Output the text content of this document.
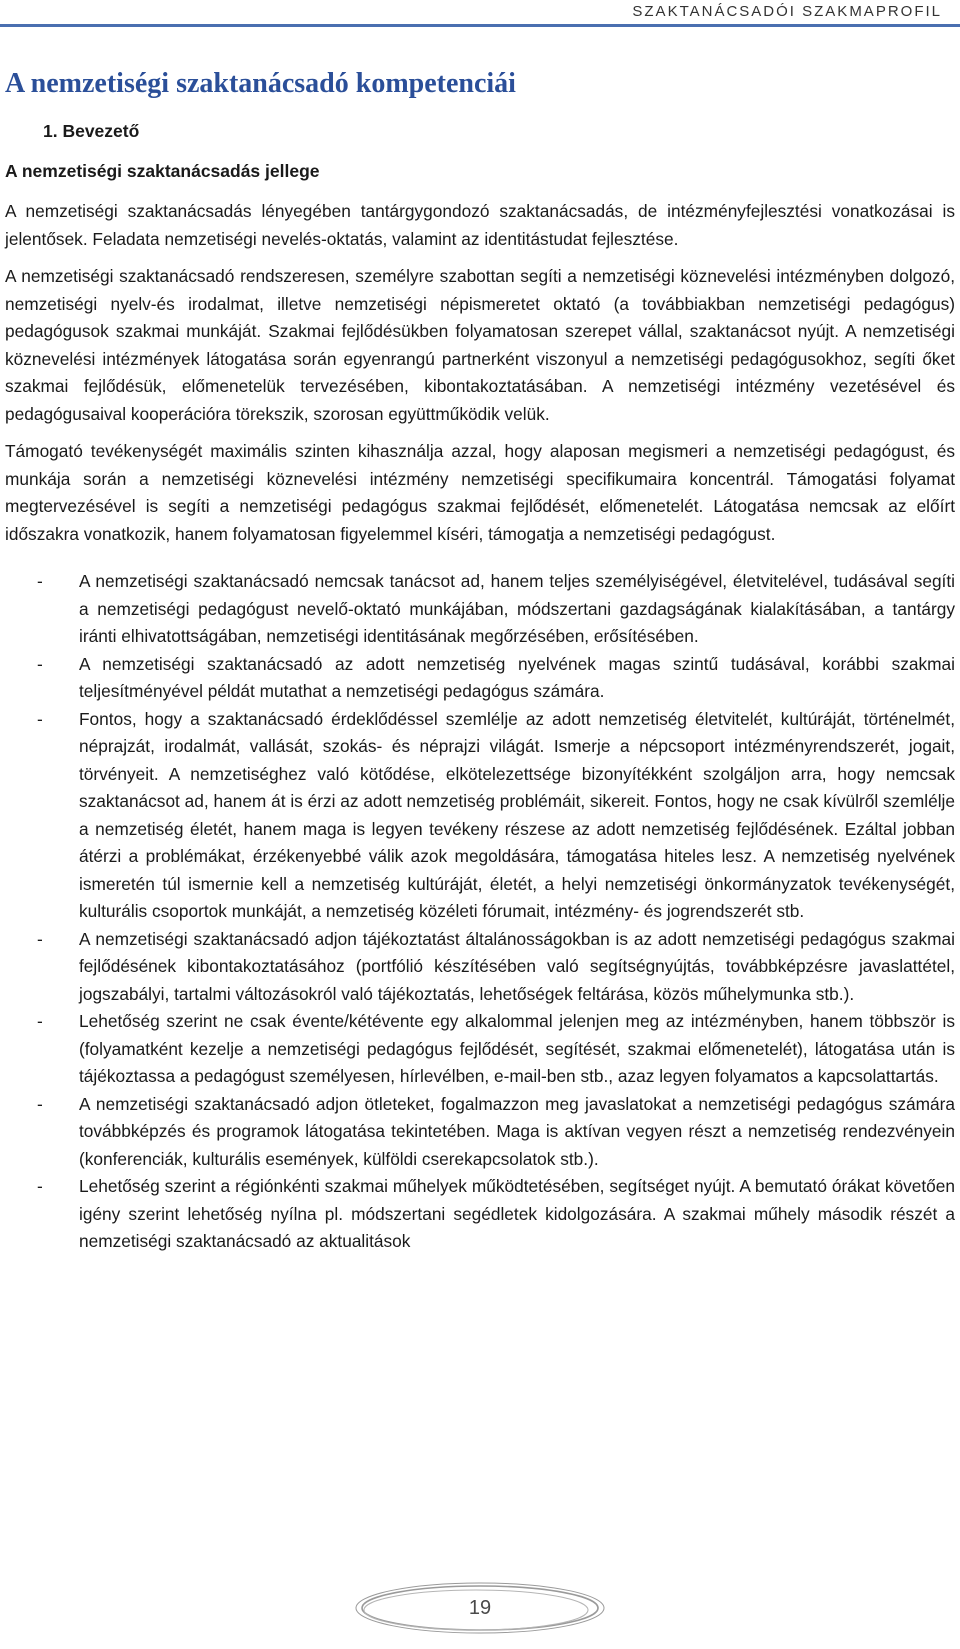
SZAKTANÁCSADÓI SZAKMAPROFIL
A nemzetiségi szaktanácsadó kompetenciái
1. Bevezető
A nemzetiségi szaktanácsadás jellege

A nemzetiségi szaktanácsadás lényegében tantárgygondozó szaktanácsadás, de intézményfejlesztési vonatkozásai is jelentősek. Feladata nemzetiségi nevelés-oktatás, valamint az identitástudat fejlesztése.

A nemzetiségi szaktanácsadó rendszeresen, személyre szabottan segíti a nemzetiségi köznevelési intézményben dolgozó, nemzetiségi nyelv-és irodalmat, illetve nemzetiségi népismeretet oktató (a továbbiakban nemzetiségi pedagógus) pedagógusok szakmai munkáját. Szakmai fejlődésükben folyamatosan szerepet vállal, szaktanácsot nyújt. A nemzetiségi köznevelési intézmények látogatása során egyenrangú partnerként viszonyul a nemzetiségi pedagógusokhoz, segíti őket szakmai fejlődésük, előmenetelük tervezésében, kibontakoztatásában. A nemzetiségi intézmény vezetésével és pedagógusaival kooperációra törekszik, szorosan együttműködik velük.

Támogató tevékenységét maximális szinten kihasználja azzal, hogy alaposan megismeri a nemzetiségi pedagógust, és munkája során a nemzetiségi köznevelési intézmény nemzetiségi specifikumaira koncentrál. Támogatási folyamat megtervezésével is segíti a nemzetiségi pedagógus szakmai fejlődését, előmenetelét. Látogatása nemcsak az előírt időszakra vonatkozik, hanem folyamatosan figyelemmel kíséri, támogatja a nemzetiségi pedagógust.

- A nemzetiségi szaktanácsadó nemcsak tanácsot ad, hanem teljes személyiségével, életvitelével, tudásával segíti a nemzetiségi pedagógust nevelő-oktató munkájában, módszertani gazdagságának kialakításában, a tantárgy iránti elhivatottságában, nemzetiségi identitásának megőrzésében, erősítésében.
- A nemzetiségi szaktanácsadó az adott nemzetiség nyelvének magas szintű tudásával, korábbi szakmai teljesítményével példát mutathat a nemzetiségi pedagógus számára.
- Fontos, hogy a szaktanácsadó érdeklődéssel szemlélje az adott nemzetiség életvitelét, kultúráját, történelmét, néprajzát, irodalmát, vallását, szokás- és néprajzi világát. Ismerje a népcsoport intézményrendszerét, jogait, törvényeit. A nemzetiséghez való kötődése, elkötelezettsége bizonyítékként szolgáljon arra, hogy nemcsak szaktanácsot ad, hanem át is érzi az adott nemzetiség problémáit, sikereit. Fontos, hogy ne csak kívülről szemlélje a nemzetiség életét, hanem maga is legyen tevékeny részese az adott nemzetiség fejlődésének. Ezáltal jobban átérzi a problémákat, érzékenyebbé válik azok megoldására, támogatása hiteles lesz. A nemzetiség nyelvének ismeretén túl ismernie kell a nemzetiség kultúráját, életét, a helyi nemzetiségi önkormányzatok tevékenységét, kulturális csoportok munkáját, a nemzetiség közéleti fórumait, intézmény- és jogrendszerét stb.
- A nemzetiségi szaktanácsadó adjon tájékoztatást általánosságokban is az adott nemzetiségi pedagógus szakmai fejlődésének kibontakoztatásához (portfólió készítésében való segítségnyújtás, továbbképzésre javaslattétel, jogszabályi, tartalmi változásokról való tájékoztatás, lehetőségek feltárása, közös műhelymunka stb.).
- Lehetőség szerint ne csak évente/kétévente egy alkalommal jelenjen meg az intézményben, hanem többször is (folyamatként kezelje a nemzetiségi pedagógus fejlődését, segítését, szakmai előmenetelét), látogatása után is tájékoztassa a pedagógust személyesen, hírlevélben, e-mail-ben stb., azaz legyen folyamatos a kapcsolattartás.
- A nemzetiségi szaktanácsadó adjon ötleteket, fogalmazzon meg javaslatokat a nemzetiségi pedagógus számára továbbképzés és programok látogatása tekintetében. Maga is aktívan vegyen részt a nemzetiség rendezvényein (konferenciák, kulturális események, külföldi cserekapcsolatok stb.).
- Lehetőség szerint a régiónkénti szakmai műhelyek működtetésében, segítséget nyújt. A bemutató órákat követően igény szerint lehetőség nyílna pl. módszertani segédletek kidolgozására. A szakmai műhely második részét a nemzetiségi szaktanácsadó az aktualitások
19
